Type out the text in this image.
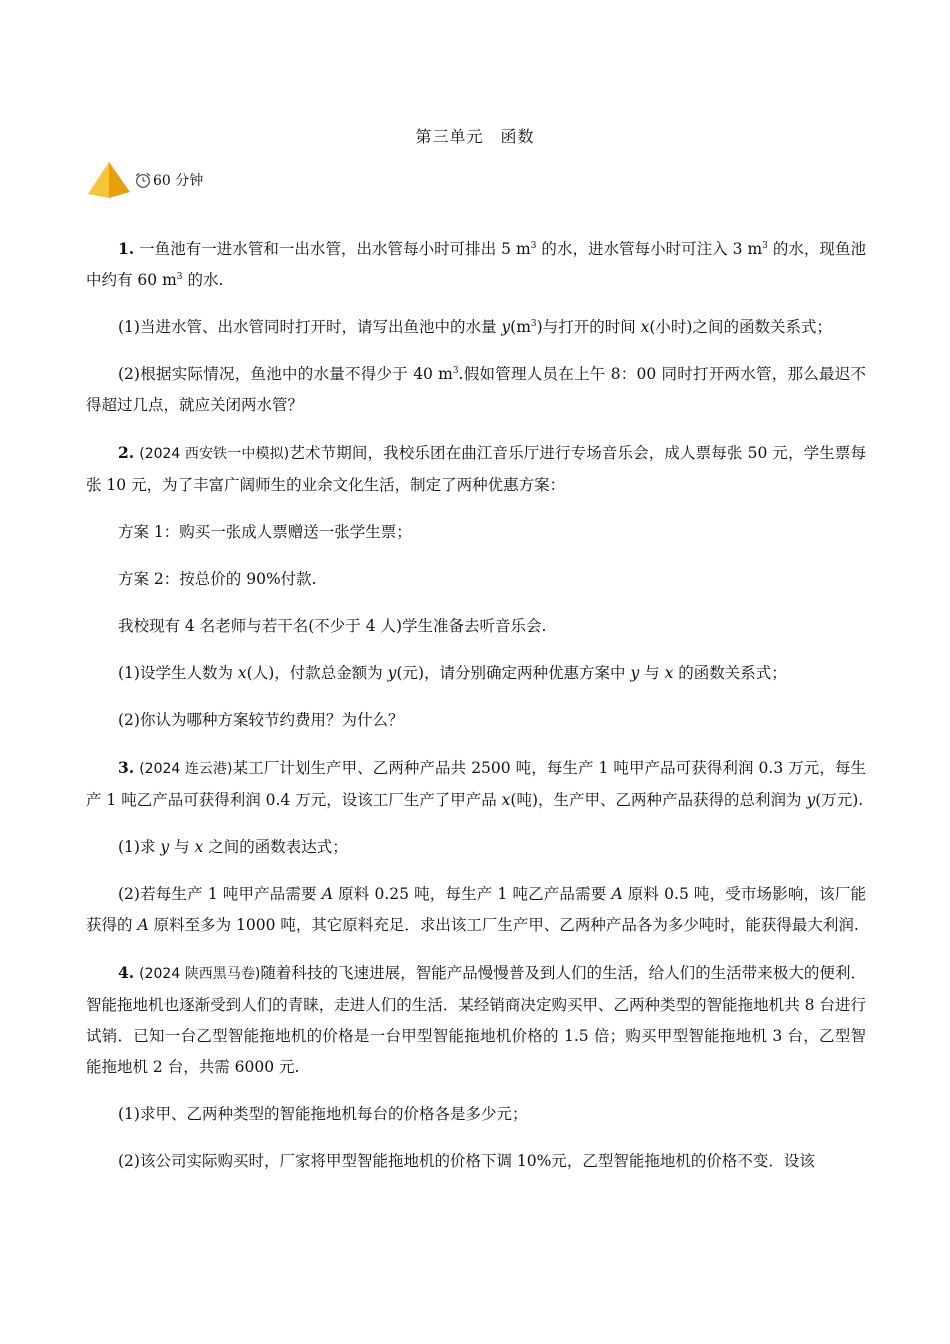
第三单元　函数
60 分钟

1. 一鱼池有一进水管和一出水管，出水管每小时可排出 5 $m^3$ 的水，进水管每小时可注入 3 $m^3$ 的水，现鱼池中约有 60 $m^3$ 的水.

(1)当进水管、出水管同时打开时，请写出鱼池中的水量 $y(m^3)$与打开的时间 x(小时)之间的函数关系式；

(2)根据实际情况，鱼池中的水量不得少于 40 $m^3$.假如管理人员在上午 8：00 同时打开两水管，那么最迟不得超过几点，就应关闭两水管？

2. (2024 西安铁一中模拟)艺术节期间，我校乐团在曲江音乐厅进行专场音乐会，成人票每张 50 元，学生票每张 10 元，为了丰富广阔师生的业余文化生活，制定了两种优惠方案：

方案 1：购买一张成人票赠送一张学生票；

方案 2：按总价的 90%付款.

我校现有 4 名老师与若干名(不少于 4 人)学生准备去听音乐会.

(1)设学生人数为 x(人)，付款总金额为 y(元)，请分别确定两种优惠方案中 y 与 x 的函数关系式；

(2)你认为哪种方案较节约费用？为什么？

3. (2024 连云港)某工厂计划生产甲、乙两种产品共 2500 吨，每生产 1 吨甲产品可获得利润 0.3 万元，每生产 1 吨乙产品可获得利润 0.4 万元，设该工厂生产了甲产品 x(吨)，生产甲、乙两种产品获得的总利润为 y(万元).

(1)求 y 与 x 之间的函数表达式；

(2)若每生产 1 吨甲产品需要 A 原料 0.25 吨，每生产 1 吨乙产品需要 A 原料 0.5 吨，受市场影响，该厂能获得的 A 原料至多为 1000 吨，其它原料充足．求出该工厂生产甲、乙两种产品各为多少吨时，能获得最大利润.

4. (2024 陕西黑马卷)随着科技的飞速进展，智能产品慢慢普及到人们的生活，给人们的生活带来极大的便利．智能拖地机也逐渐受到人们的青睐，走进人们的生活．某经销商决定购买甲、乙两种类型的智能拖地机共 8 台进行试销．已知一台乙型智能拖地机的价格是一台甲型智能拖地机价格的 1.5 倍；购买甲型智能拖地机 3 台，乙型智能拖地机 2 台，共需 6000 元.

(1)求甲、乙两种类型的智能拖地机每台的价格各是多少元；

(2)该公司实际购买时，厂家将甲型智能拖地机的价格下调 10%元，乙型智能拖地机的价格不变．设该
